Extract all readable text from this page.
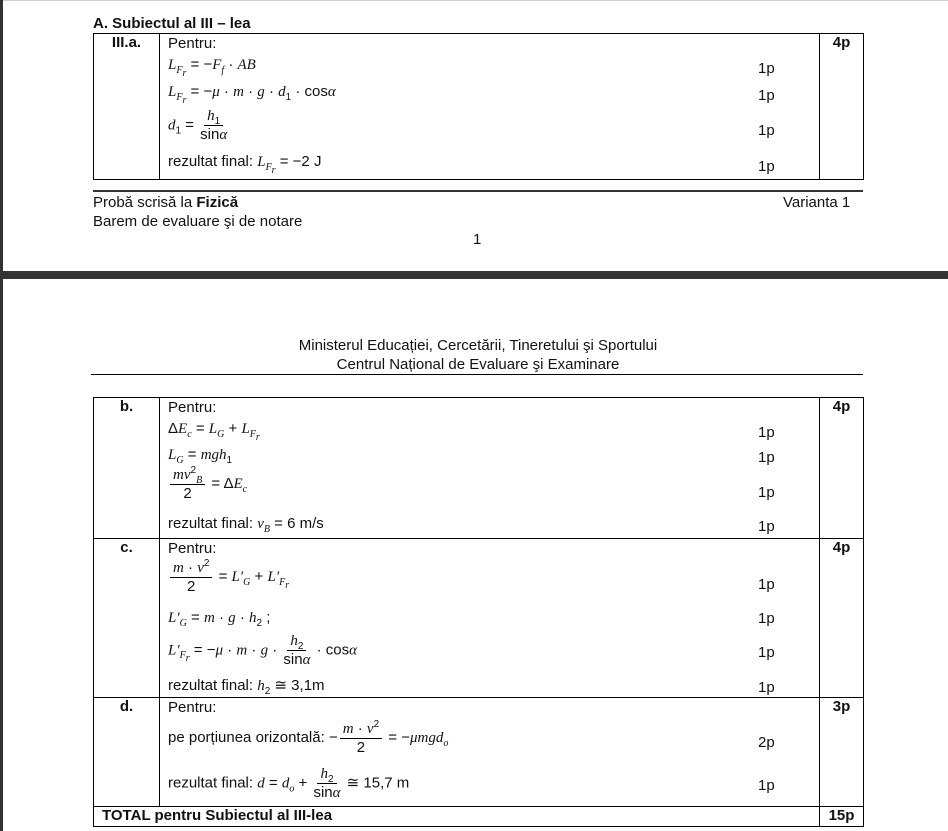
A. Subiectul al III – lea
III.a.	Pentru:
$L_{F_r} = -F_f$ · AB	1p
$L_{F_r} = -\mu \cdot m \cdot g \cdot d_1 \cdot \cos\alpha$	1p
$d_1 = \frac{h_1}{\sin\alpha}$	1p
rezultat final: $L_{F_r} = -2$ J	1p
	4p
Probă scrisă la Fizică	Varianta 1
Barem de evaluare şi de notare
1
Ministerul Educației, Cercetării, Tineretului şi Sportului
Centrul Național de Evaluare şi Examinare
b.	Pentru:
$\Delta E_c = L_G + L_{F_r}$	1p
$L_G = mgh_1$	1p
$\frac{mv^2_B}{2} = \Delta E_c$	1p
rezultat final: $v_B = 6$ m/s	1p
	4p
c.	Pentru:
$\frac{m \cdot v^2}{2} = L'_G + L'_{F_r}$	1p
$L'_G = m \cdot g \cdot h_2$ ;	1p
$L'_{F_r} = -\mu \cdot m \cdot g \cdot \frac{h_2}{\sin\alpha} \cdot \cos\alpha$	1p
rezultat final: $h_2$ ≅ 3,1m	1p
	4p
d.	Pentru:
pe porțiunea orizontală: − $\frac{m \cdot v^2}{2} = -\mu mgd_o$	2p
rezultat final: $d = d_o + \frac{h_2}{\sin\alpha}$ ≅ 15,7 m	1p
	3p
TOTAL pentru Subiectul al III-lea	15p
